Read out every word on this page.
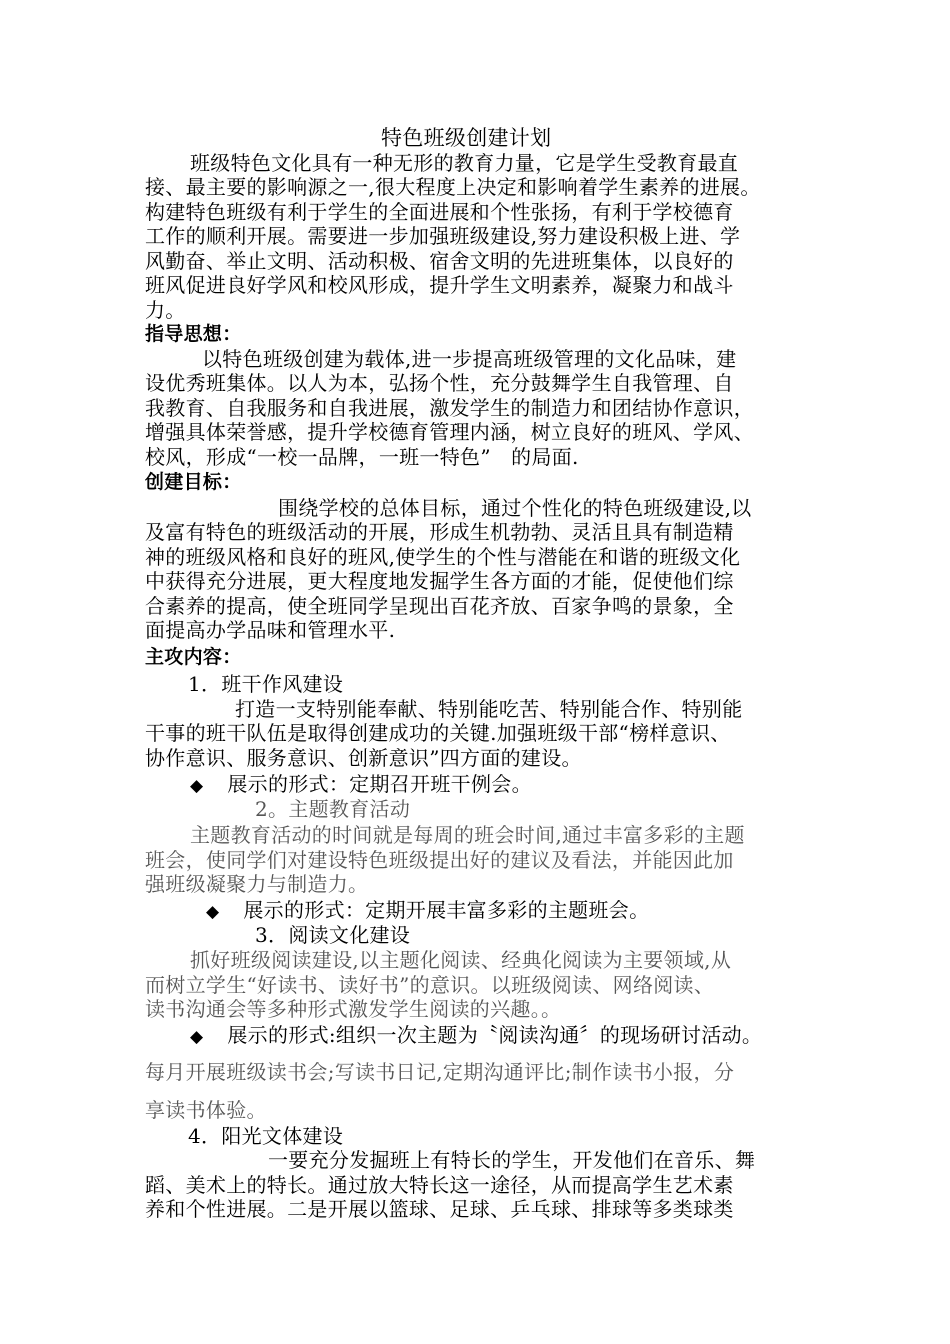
特色班级创建计划
班级特色文化具有一种无形的教育力量，它是学生受教育最直
接、最主要的影响源之一,很大程度上决定和影响着学生素养的进展。
构建特色班级有利于学生的全面进展和个性张扬，有利于学校德育
工作的顺利开展。需要进一步加强班级建设,努力建设积极上进、学
风勤奋、举止文明、活动积极、宿舍文明的先进班集体，以良好的
班风促进良好学风和校风形成，提升学生文明素养，凝聚力和战斗
力。
指导思想：
以特色班级创建为载体,进一步提高班级管理的文化品味，建
设优秀班集体。以人为本，弘扬个性，充分鼓舞学生自我管理、自
我教育、自我服务和自我进展，激发学生的制造力和团结协作意识，
增强具体荣誉感，提升学校德育管理内涵，树立良好的班风、学风、
校风，形成“一校一品牌，一班一特色”　的局面.
创建目标：
围绕学校的总体目标，通过个性化的特色班级建设,以
及富有特色的班级活动的开展，形成生机勃勃、灵活且具有制造精
神的班级风格和良好的班风,使学生的个性与潜能在和谐的班级文化
中获得充分进展，更大程度地发掘学生各方面的才能，促使他们综
合素养的提高，使全班同学呈现出百花齐放、百家争鸣的景象，全
面提高办学品味和管理水平.
主攻内容：
1．班干作风建设
打造一支特别能奉献、特别能吃苦、特别能合作、特别能
干事的班干队伍是取得创建成功的关键.加强班级干部“榜样意识、
协作意识、服务意识、创新意识”四方面的建设。
◆ 展示的形式：定期召开班干例会。
2。主题教育活动
主题教育活动的时间就是每周的班会时间,通过丰富多彩的主题
班会，使同学们对建设特色班级提出好的建议及看法，并能因此加
强班级凝聚力与制造力。
◆ 展示的形式：定期开展丰富多彩的主题班会。
3．阅读文化建设
抓好班级阅读建设,以主题化阅读、经典化阅读为主要领域,从
而树立学生“好读书、读好书”的意识。以班级阅读、网络阅读、
读书沟通会等多种形式激发学生阅读的兴趣。。
◆ 展示的形式:组织一次主题为〝阅读沟通〞的现场研讨活动。
每月开展班级读书会;写读书日记,定期沟通评比;制作读书小报，分
享读书体验。
4．阳光文体建设
一要充分发掘班上有特长的学生，开发他们在音乐、舞
蹈、美术上的特长。通过放大特长这一途径，从而提高学生艺术素
养和个性进展。二是开展以篮球、足球、乒乓球、排球等多类球类
